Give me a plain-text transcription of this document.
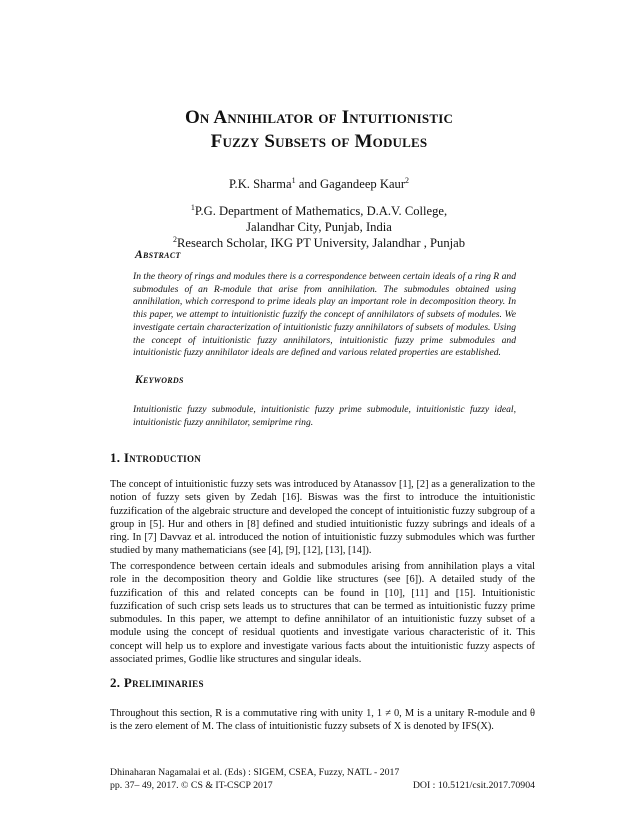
On Annihilator of Intuitionistic
Fuzzy Subsets of Modules
P.K. Sharma$^1$ and Gagandeep Kaur$^2$
$^1$P.G. Department of Mathematics, D.A.V. College,
Jalandhar City, Punjab, India
$^2$Research Scholar, IKG PT University, Jalandhar , Punjab
Abstract
In the theory of rings and modules there is a correspondence between certain ideals of a ring R and submodules of an R-module that arise from annihilation. The submodules obtained using annihilation, which correspond to prime ideals play an important role in decomposition theory. In this paper, we attempt to intuitionistic fuzzify the concept of annihilators of subsets of modules. We investigate certain characterization of intuitionistic fuzzy annihilators of subsets of modules. Using the concept of intuitionistic fuzzy annihilators, intuitionistic fuzzy prime submodules and intuitionistic fuzzy annihilator ideals are defined and various related properties are established.
Keywords
Intuitionistic fuzzy submodule, intuitionistic fuzzy prime submodule, intuitionistic fuzzy ideal, intuitionistic fuzzy annihilator, semiprime ring.
1. Introduction
The concept of intuitionistic fuzzy sets was introduced by Atanassov [1], [2] as a generalization to the notion of fuzzy sets given by Zedah [16]. Biswas was the first to introduce the intuitionistic fuzzification of the algebraic structure and developed the concept of intuitionistic fuzzy subgroup of a group in [5]. Hur and others in [8] defined and studied intuitionistic fuzzy subrings and ideals of a ring. In [7] Davvaz et al. introduced the notion of intuitionistic fuzzy submodules which was further studied by many mathematicians (see [4], [9], [12], [13], [14]).
The correspondence between certain ideals and submodules arising from annihilation plays a vital role in the decomposition theory and Goldie like structures (see [6]). A detailed study of the fuzzification of this and related concepts can be found in [10], [11] and [15]. Intuitionistic fuzzification of such crisp sets leads us to structures that can be termed as intuitionistic fuzzy prime submodules. In this paper, we attempt to define annihilator of an intuitionistic fuzzy subset of a module using the concept of residual quotients and investigate various characteristic of it. This concept will help us to explore and investigate various facts about the intuitionistic fuzzy aspects of associated primes, Godlie like structures and singular ideals.
2. Preliminaries
Throughout this section, R is a commutative ring with unity 1, 1 ≠ 0, M is a unitary R-module and θ is the zero element of M. The class of intuitionistic fuzzy subsets of X is denoted by IFS(X).
Dhinaharan Nagamalai et al. (Eds) : SIGEM, CSEA, Fuzzy, NATL - 2017
pp. 37– 49, 2017. © CS & IT-CSCP 2017	DOI : 10.5121/csit.2017.70904
